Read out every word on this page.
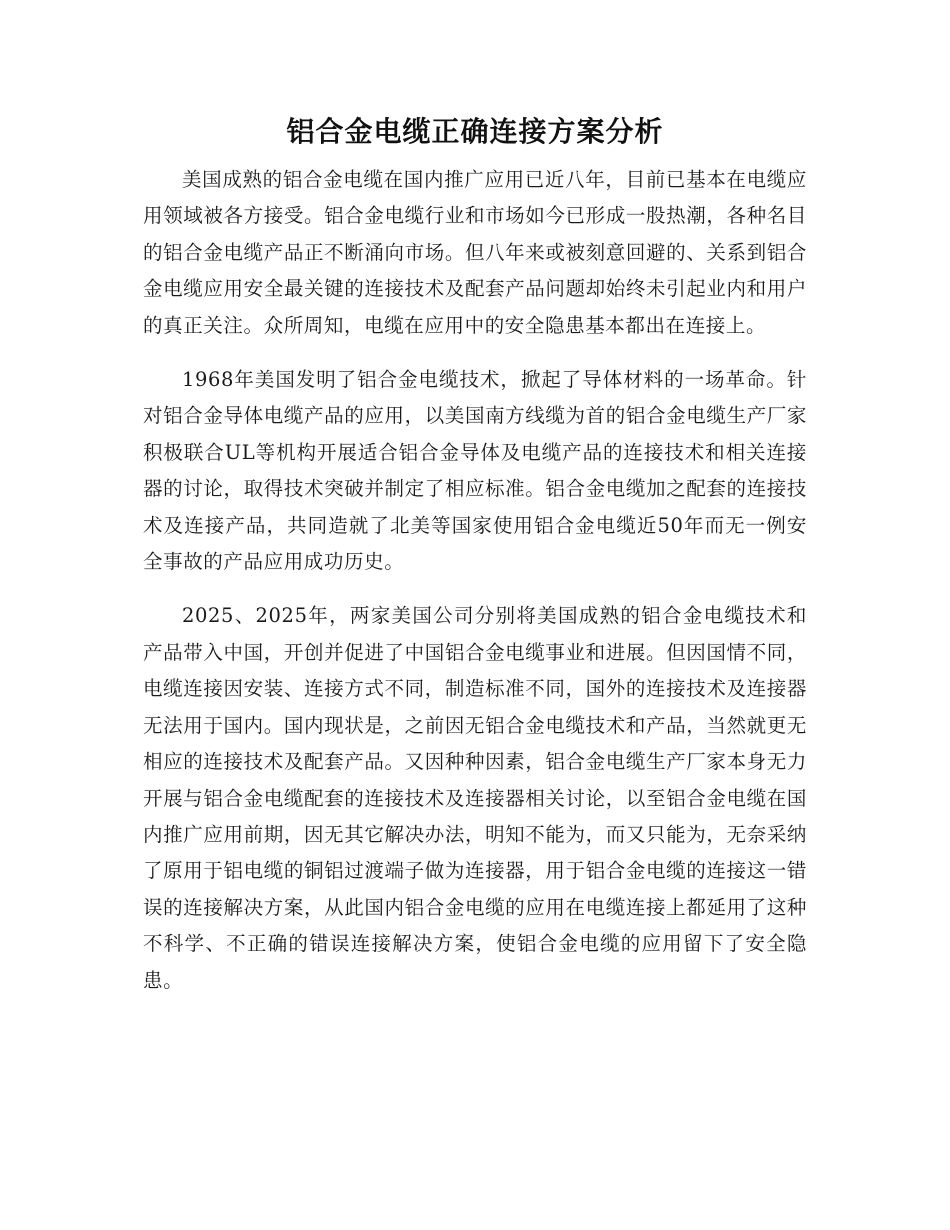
铝合金电缆正确连接方案分析

美国成熟的铝合金电缆在国内推广应用已近八年，目前已基本在电缆应用领域被各方接受。铝合金电缆行业和市场如今已形成一股热潮，各种名目的铝合金电缆产品正不断涌向市场。但八年来或被刻意回避的、关系到铝合金电缆应用安全最关键的连接技术及配套产品问题却始终未引起业内和用户的真正关注。众所周知，电缆在应用中的安全隐患基本都出在连接上。

1968年美国发明了铝合金电缆技术，掀起了导体材料的一场革命。针对铝合金导体电缆产品的应用，以美国南方线缆为首的铝合金电缆生产厂家积极联合UL等机构开展适合铝合金导体及电缆产品的连接技术和相关连接器的讨论，取得技术突破并制定了相应标准。铝合金电缆加之配套的连接技术及连接产品，共同造就了北美等国家使用铝合金电缆近50年而无一例安全事故的产品应用成功历史。

2025、2025年，两家美国公司分别将美国成熟的铝合金电缆技术和产品带入中国，开创并促进了中国铝合金电缆事业和进展。但因国情不同，电缆连接因安装、连接方式不同，制造标准不同，国外的连接技术及连接器无法用于国内。国内现状是，之前因无铝合金电缆技术和产品，当然就更无相应的连接技术及配套产品。又因种种因素，铝合金电缆生产厂家本身无力开展与铝合金电缆配套的连接技术及连接器相关讨论，以至铝合金电缆在国内推广应用前期，因无其它解决办法，明知不能为，而又只能为，无奈采纳了原用于铝电缆的铜铝过渡端子做为连接器，用于铝合金电缆的连接这一错误的连接解决方案，从此国内铝合金电缆的应用在电缆连接上都延用了这种不科学、不正确的错误连接解决方案，使铝合金电缆的应用留下了安全隐患。
